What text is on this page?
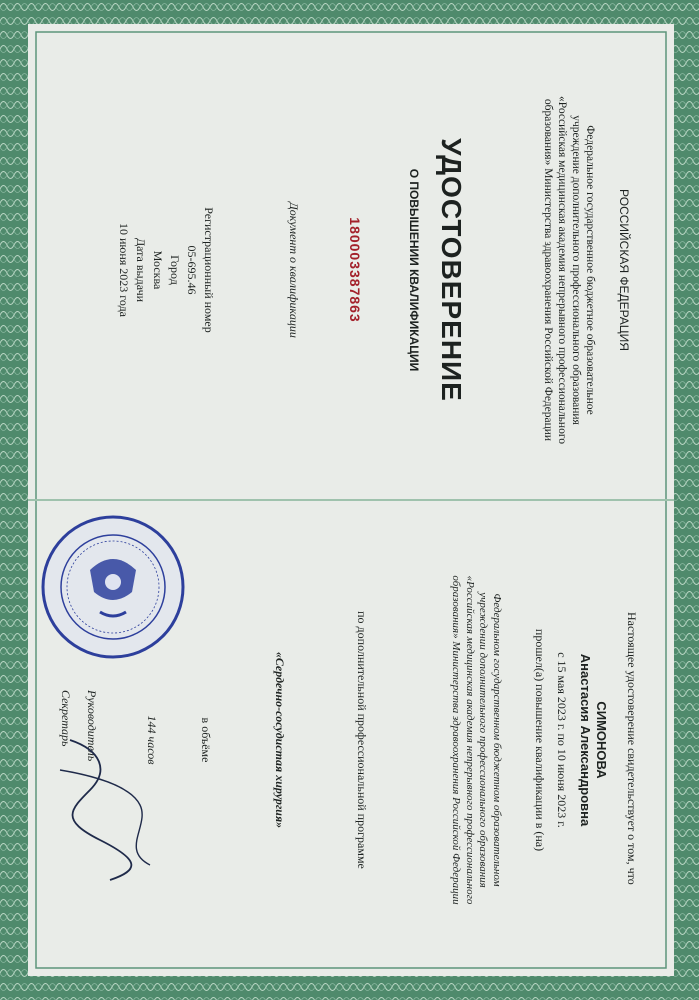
РОССИЙСКАЯ ФЕДЕРАЦИЯ
Федеральное государственное бюджетное образовательное
учреждение дополнительного профессионального образования
«Российская медицинская академия непрерывного профессионального
образования» Министерства здравоохранения Российской Федерации
УДОСТОВЕРЕНИЕ
О ПОВЫШЕНИИ КВАЛИФИКАЦИИ
180003387863
Документ о квалификации
Регистрационный номер
05-695.46
Город
Москва
Дата выдачи
10 июня 2023 года
Настоящее удостоверение свидетельствует о том, что
СИМОНОВА
Анастасия Александровна
с 15 мая 2023 г. по 10 июня 2023 г.
прошел(а) повышение квалификации в (на)
Федеральном государственном бюджетном образовательном
учреждении дополнительного профессионального образования
«Российская медицинская академия непрерывного профессионального
образования» Министерства здравоохранения Российской Федерации
по дополнительной профессиональной программе
«Сердечно-сосудистая хирургия»
в объёме
144 часов
Руководитель
Секретарь
